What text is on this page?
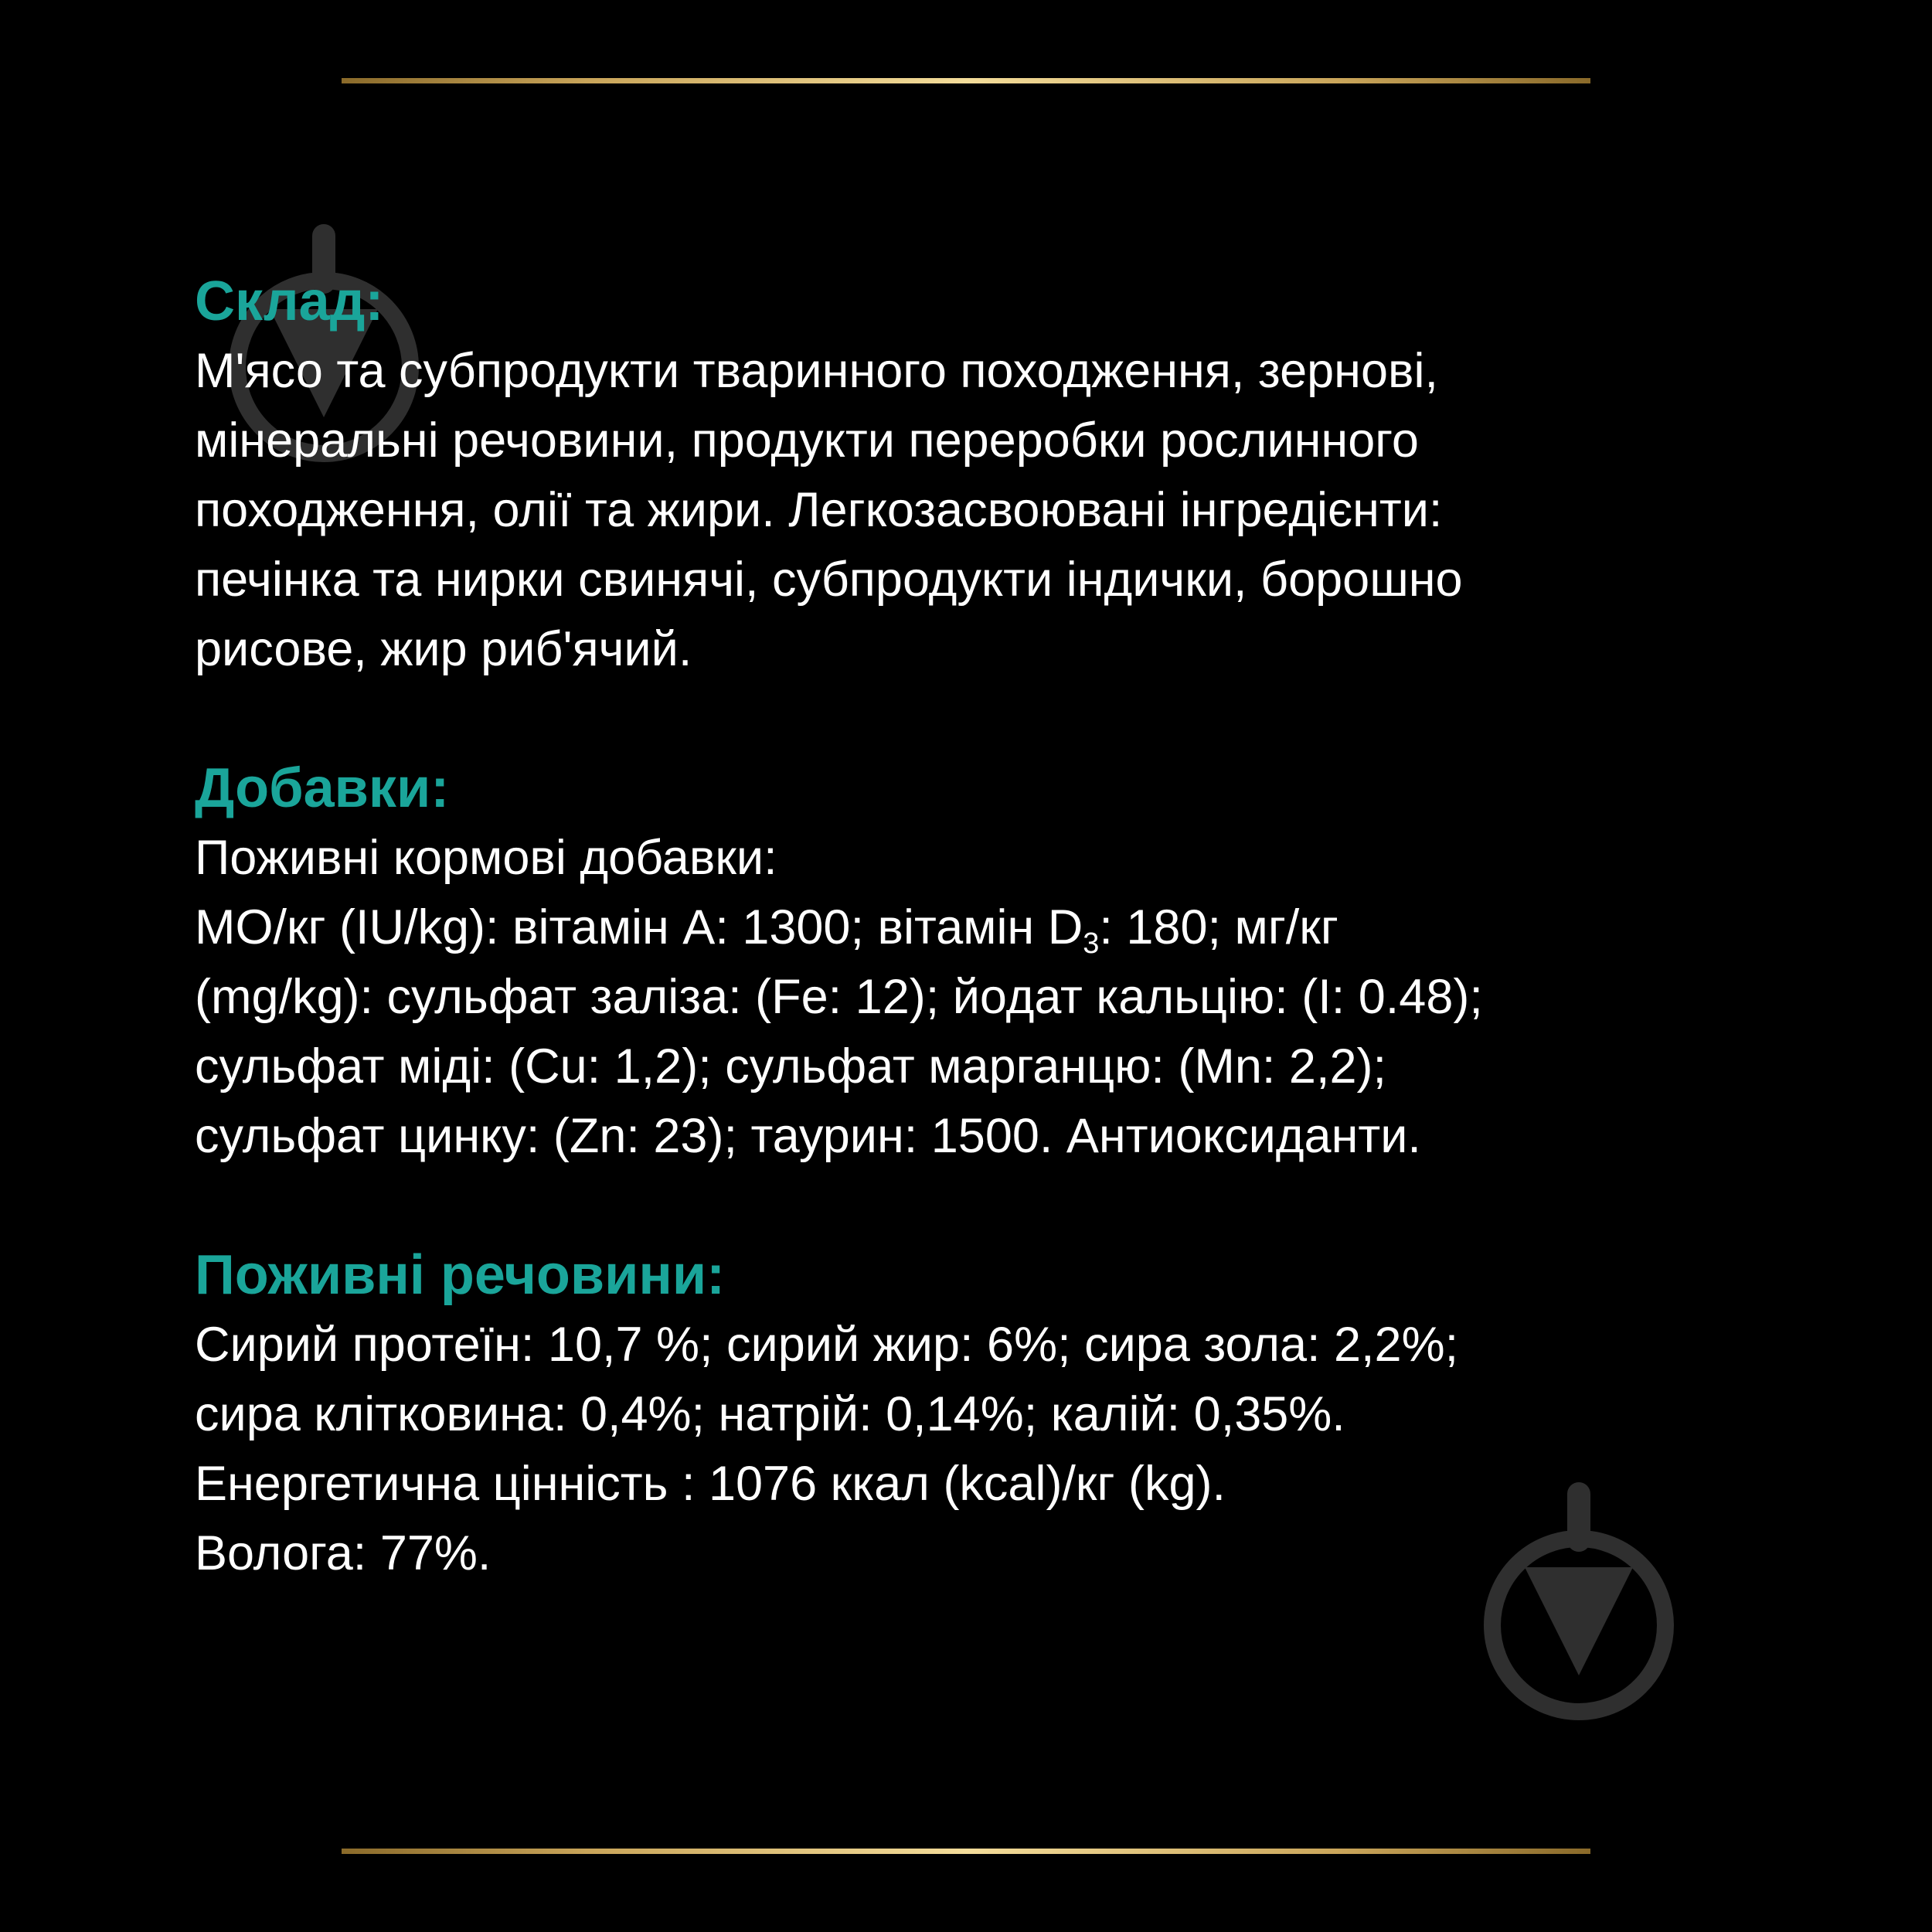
Склад:

М'ясо та субпродукти тваринного походження, зернові,

мінеральні речовини, продукти переробки рослинного

походження, олії та жири. Легкозасвоювані інгредієнти:

печінка та нирки свинячі, субпродукти індички, борошно

рисове, жир риб'ячий.

Добавки:

Поживні кормові добавки:

МО/кг (IU/kg): вітамін А: 1300; вітамін $D_3$: 180; мг/кг

(mg/kg): сульфат заліза: (Fe: 12); йодат кальцію: (I: 0.48);

сульфат міді: (Cu: 1,2); сульфат марганцю: (Mn: 2,2);

сульфат цинку: (Zn: 23); таурин: 1500. Антиоксиданти.

Поживні речовини:

Сирий протеїн: 10,7 %; сирий жир: 6%; сира зола: 2,2%;

сира клітковина: 0,4%; натрій: 0,14%; калій: 0,35%.

Енергетична цінність : 1076 ккал (kcal)/кг (kg).

Волога: 77%.
